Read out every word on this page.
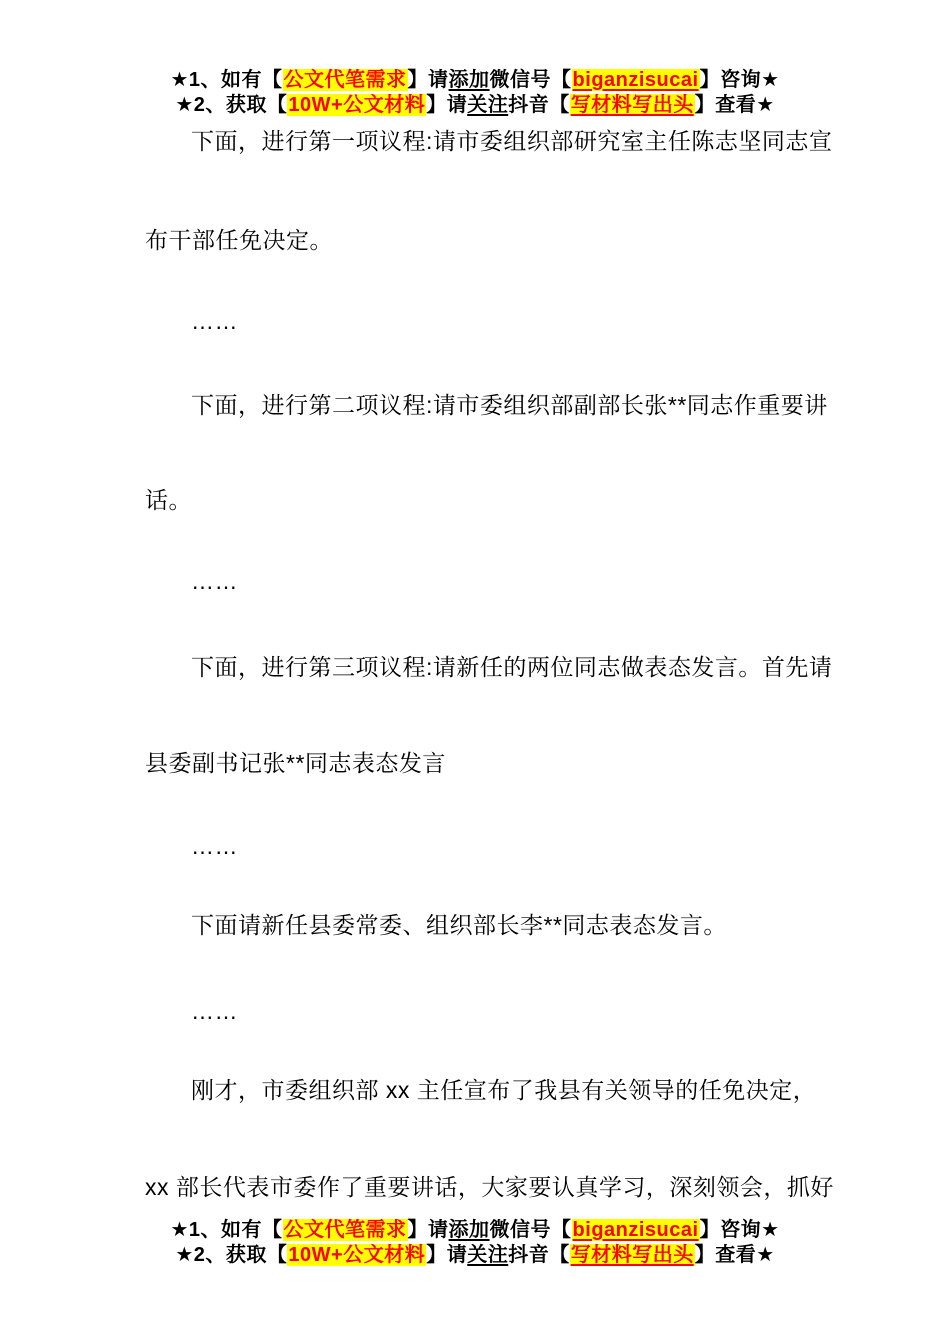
★1、如有【公文代笔需求】请添加微信号【biganzisucai】咨询★
★2、获取【10W+公文材料】请关注抖音【写材料写出头】查看★
下面，进行第一项议程:请市委组织部研究室主任陈志坚同志宣
布干部任免决定。
……
下面，进行第二项议程:请市委组织部副部长张**同志作重要讲
话。
……
下面，进行第三项议程:请新任的两位同志做表态发言。首先请
县委副书记张**同志表态发言
……
下面请新任县委常委、组织部长李**同志表态发言。
……
刚才，市委组织部 xx 主任宣布了我县有关领导的任免决定，
xx 部长代表市委作了重要讲话，大家要认真学习，深刻领会，抓好
★1、如有【公文代笔需求】请添加微信号【biganzisucai】咨询★
★2、获取【10W+公文材料】请关注抖音【写材料写出头】查看★
